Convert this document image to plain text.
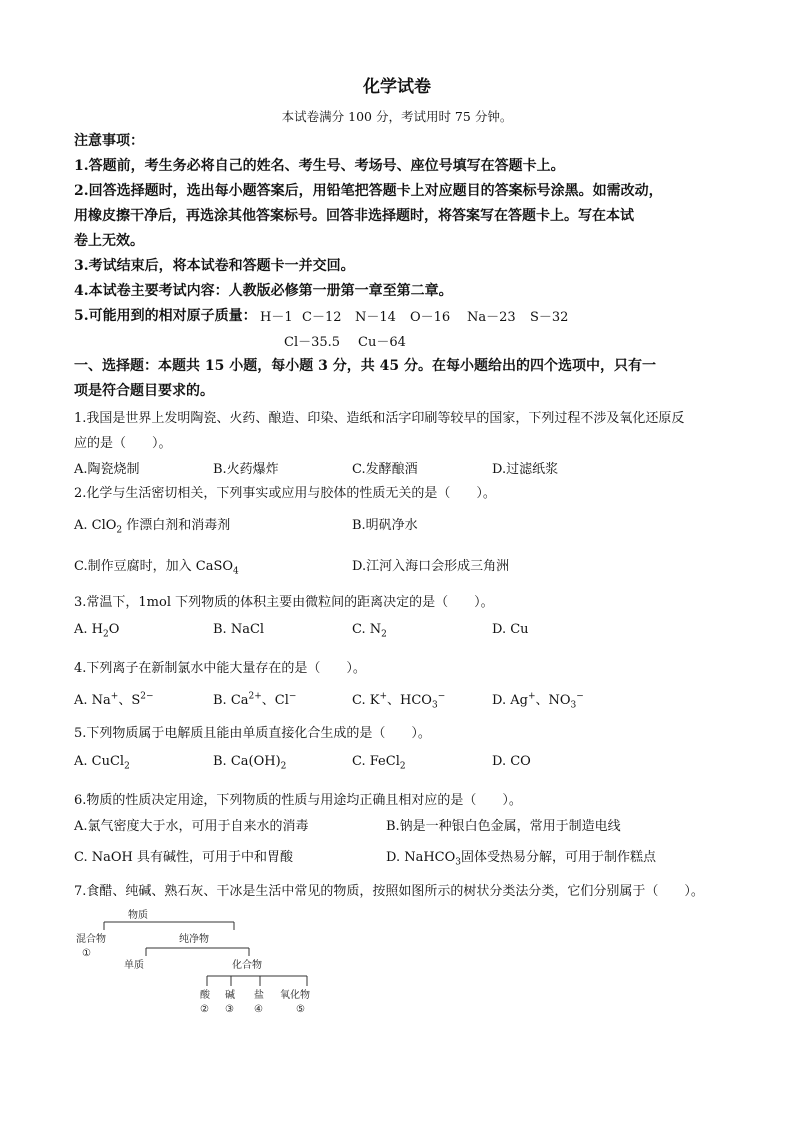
化学试卷
本试卷满分 100 分，考试用时 75 分钟。
注意事项：
1.答题前，考生务必将自己的姓名、考生号、考场号、座位号填写在答题卡上。
2.回答选择题时，选出每小题答案后，用铅笔把答题卡上对应题目的答案标号涂黑。如需改动，
用橡皮擦干净后，再选涂其他答案标号。回答非选择题时，将答案写在答题卡上。写在本试
卷上无效。
3.考试结束后，将本试卷和答题卡一并交回。
4.本试卷主要考试内容：人教版必修第一册第一章至第二章。
5.可能用到的相对原子质量： H－1 C－12 N－14 O－16 Na－23 S－32
Cl－35.5 Cu－64
一、选择题：本题共 15 小题，每小题 3 分，共 45 分。在每小题给出的四个选项中，只有一
项是符合题目要求的。
1.我国是世界上发明陶瓷、火药、酿造、印染、造纸和活字印刷等较早的国家，下列过程不涉及氧化还原反
应的是（　　）。
A.陶瓷烧制	B.火药爆炸	C.发酵酿酒	D.过滤纸浆
2.化学与生活密切相关，下列事实或应用与胶体的性质无关的是（　　）。
A. ClO$_2$ 作漂白剂和消毒剂	B.明矾净水
C.制作豆腐时，加入 CaSO$_4$	D.江河入海口会形成三角洲
3.常温下，1mol 下列物质的体积主要由微粒间的距离决定的是（　　）。
A. $H_2O$	B. NaCl	C. $N_2$	D. Cu
4.下列离子在新制氯水中能大量存在的是（　　）。
A. Na+、$S^{2-}$	B. $Ca^{2+}$、Cl−	C. K+、$HCO_3^-$	D. Ag+、$NO_3^-$
5.下列物质属于电解质且能由单质直接化合生成的是（　　）。
A. CuCl$_2$	B. $Ca(OH)_2$	C. FeCl$_2$	D. CO
6.物质的性质决定用途，下列物质的性质与用途均正确且相对应的是（　　）。
A.氯气密度大于水，可用于自来水的消毒	B.钠是一种银白色金属，常用于制造电线
C. NaOH 具有碱性，可用于中和胃酸	D. NaHCO$_3$固体受热易分解，可用于制作糕点
7.食醋、纯碱、熟石灰、干冰是生活中常见的物质，按照如图所示的树状分类法分类，它们分别属于（　　）。
物质
混合物
①
纯净物
单质	化合物
酸 碱 盐 氧化物
② ③ ④	⑤
